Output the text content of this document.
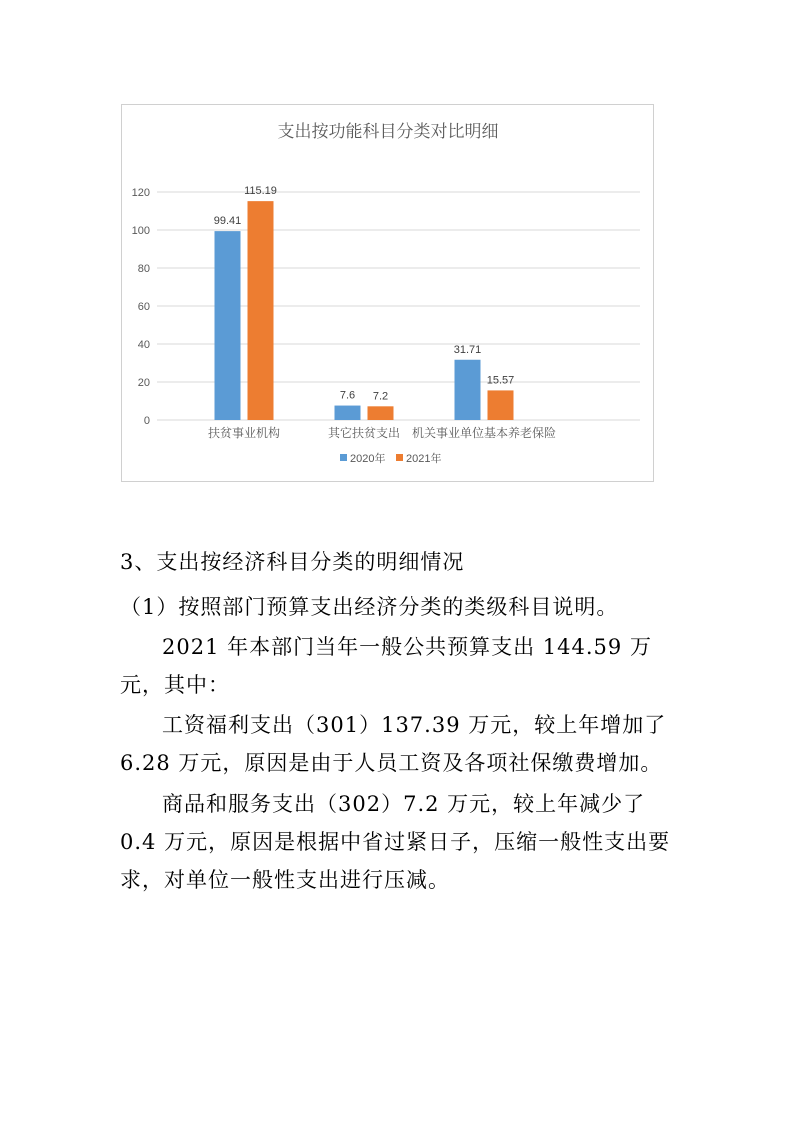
支出按功能科目分类对比明细
0
20
40
60
80
100
120
99.41
115.19
扶贫事业机构
7.6 7.2
其它扶贫支出
31.71
15.57
机关事业单位基本养老保险
2020年 2021年

3、支出按经济科目分类的明细情况

（1）按照部门预算支出经济分类的类级科目说明。

2021 年本部门当年一般公共预算支出 144.59 万元，其中：

工资福利支出（301）137.39 万元，较上年增加了 6.28 万元，原因是由于人员工资及各项社保缴费增加。

商品和服务支出（302）7.2 万元，较上年减少了 0.4 万元，原因是根据中省过紧日子，压缩一般性支出要求，对单位一般性支出进行压减。
